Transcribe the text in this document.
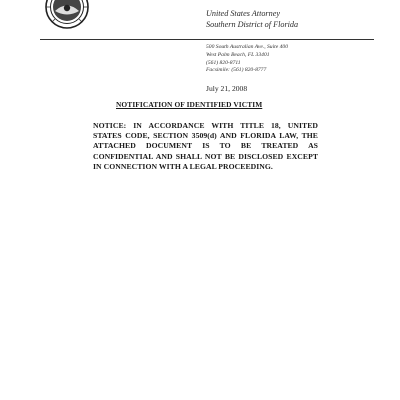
United States Attorney
Southern District of Florida
500 South Australian Ave., Suite 400
West Palm Beach, FL 33401
(561) 820-8711
Facsimile: (561) 820-8777
July 21, 2008
NOTIFICATION OF IDENTIFIED VICTIM
NOTICE: IN ACCORDANCE WITH TITLE 18, UNITED STATES CODE, SECTION 3509(d) AND FLORIDA LAW, THE ATTACHED DOCUMENT IS TO BE TREATED AS CONFIDENTIAL AND SHALL NOT BE DISCLOSED EXCEPT IN CONNECTION WITH A LEGAL PROCEEDING.
